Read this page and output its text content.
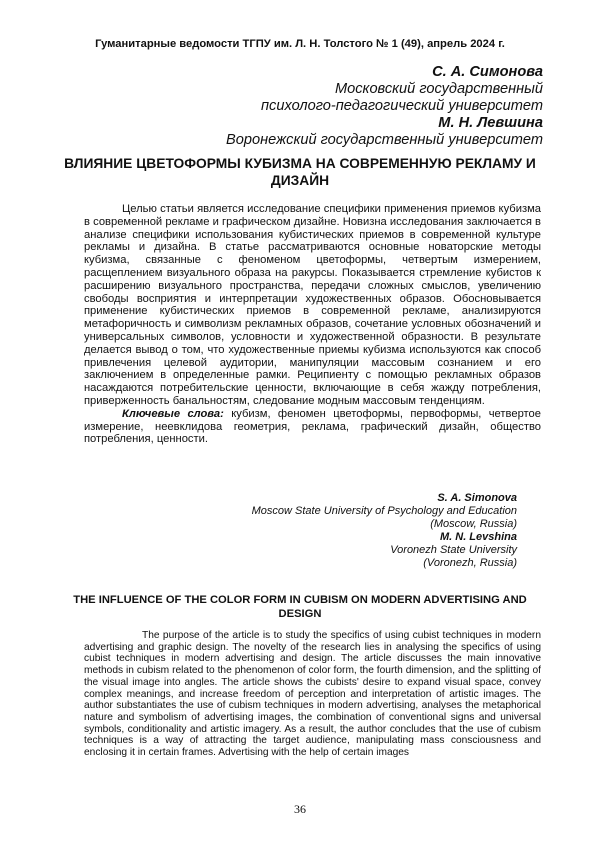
Гуманитарные ведомости ТГПУ им. Л. Н. Толстого № 1 (49), апрель 2024 г.
С. А. Симонова
Московский государственный
психолого-педагогический университет
М. Н. Левшина
Воронежский государственный университет
ВЛИЯНИЕ ЦВЕТОФОРМЫ КУБИЗМА НА СОВРЕМЕННУЮ РЕКЛАМУ И ДИЗАЙН

Целью статьи является исследование специфики применения приемов кубизма в современной рекламе и графическом дизайне. Новизна исследования заключается в анализе специфики использования кубистических приемов в современной культуре рекламы и дизайна. В статье рассматриваются основные новаторские методы кубизма, связанные с феноменом цветоформы, четвертым измерением, расщеплением визуального образа на ракурсы. Показывается стремление кубистов к расширению визуального пространства, передачи сложных смыслов, увеличению свободы восприятия и интерпретации художественных образов. Обосновывается применение кубистических приемов в современной рекламе, анализируются метафоричность и символизм рекламных образов, сочетание условных обозначений и универсальных символов, условности и художественной образности. В результате делается вывод о том, что художественные приемы кубизма используются как способ привлечения целевой аудитории, манипуляции массовым сознанием и его заключением в определенные рамки. Реципиенту с помощью рекламных образов насаждаются потребительские ценности, включающие в себя жажду потребления, приверженность банальностям, следование модным массовым тенденциям.

Ключевые слова: кубизм, феномен цветоформы, первоформы, четвертое измерение, неевклидова геометрия, реклама, графический дизайн, общество потребления, ценности.

S. A. Simonova
Moscow State University of Psychology and Education
(Moscow, Russia)
M. N. Levshina
Voronezh State University
(Voronezh, Russia)
THE INFLUENCE OF THE COLOR FORM IN CUBISM ON MODERN ADVERTISING AND DESIGN

The purpose of the article is to study the specifics of using cubist techniques in modern advertising and graphic design. The novelty of the research lies in analysing the specifics of using cubist techniques in modern advertising and design. The article discusses the main innovative methods in cubism related to the phenomenon of color form, the fourth dimension, and the splitting of the visual image into angles. The article shows the cubists' desire to expand visual space, convey complex meanings, and increase freedom of perception and interpretation of artistic images. The author substantiates the use of cubism techniques in modern advertising, analyses the metaphorical nature and symbolism of advertising images, the combination of conventional signs and universal symbols, conditionality and artistic imagery. As a result, the author concludes that the use of cubism techniques is a way of attracting the target audience, manipulating mass consciousness and enclosing it in certain frames. Advertising with the help of certain images

36
